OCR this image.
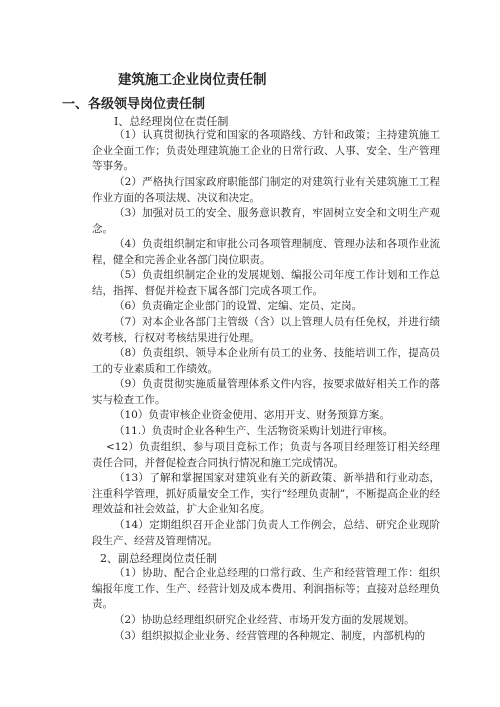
建筑施工企业岗位责任制
一、各级领导岗位责任制
I、总经理岗位在责任制
（1）认真贯彻执行党和国家的各项路线、方针和政策；主持建筑施工企业全面工作；负责处理建筑施工企业的日常行政、人事、安全、生产管理等事务。
（2）严格执行国家政府职能部门制定的对建筑行业有关建筑施工工程作业方面的各项法规、决议和决定。
（3）加强对员工的安全、服务意识教育，牢固树立安全和文明生产观念。
（4）负责组织制定和审批公司各项管理制度、管理办法和各项作业流程，健全和完善企业各部门岗位职责。
（5）负责组织制定企业的发展规划、编报公司年度工作计划和工作总结，指挥、督促并检查下属各部门完成各项工作。
（6）负责确定企业部门的设置、定编、定员、定岗。
（7）对本企业各部门主管级（含）以上管理人员有任免权，并进行绩效考核，行权对考核结果进行处理。
（8）负责组织、领导本企业所有员工的业务、技能培训工作，提高员工的专业素质和工作绩效。
（9）负责贯彻实施质量管理体系文件内容，按要求做好相关工作的落实与检查工作。
（10）负责审核企业资金使用、宓用开支、财务预算方案。
（11.）负责时企业各种生产、生活物资采购计划进行审核。
<12）负责组织、参与项目竞标工作；负责与各项目经理签订相关经理责任合同，并督促检查合同执行情况和施工完成情况。
（13）了解和掌握国家对建筑业有关的新政策、新举措和行业动态，注重科学管理，抓好质量安全工作，实行“经理负责制”，不断提高企业的经理效益和社会效益，扩大企业知名度。
（14）定期组织召开企业部门负责人工作例会，总结、研究企业现阶段生产、经营及管理情况。
2、副总经理岗位责任制
（1）协助、配合企业总经理的口常行政、生产和经营管理工作：组织编报年度工作、生产、经营计划及成本费用、利润指标等；直接对总经理负责。
（2）协助总经理组织研究企业经营、市场开发方面的发展规划。
（3）组织拟拟企业业务、经营管理的各种规定、制度，内部机构的
